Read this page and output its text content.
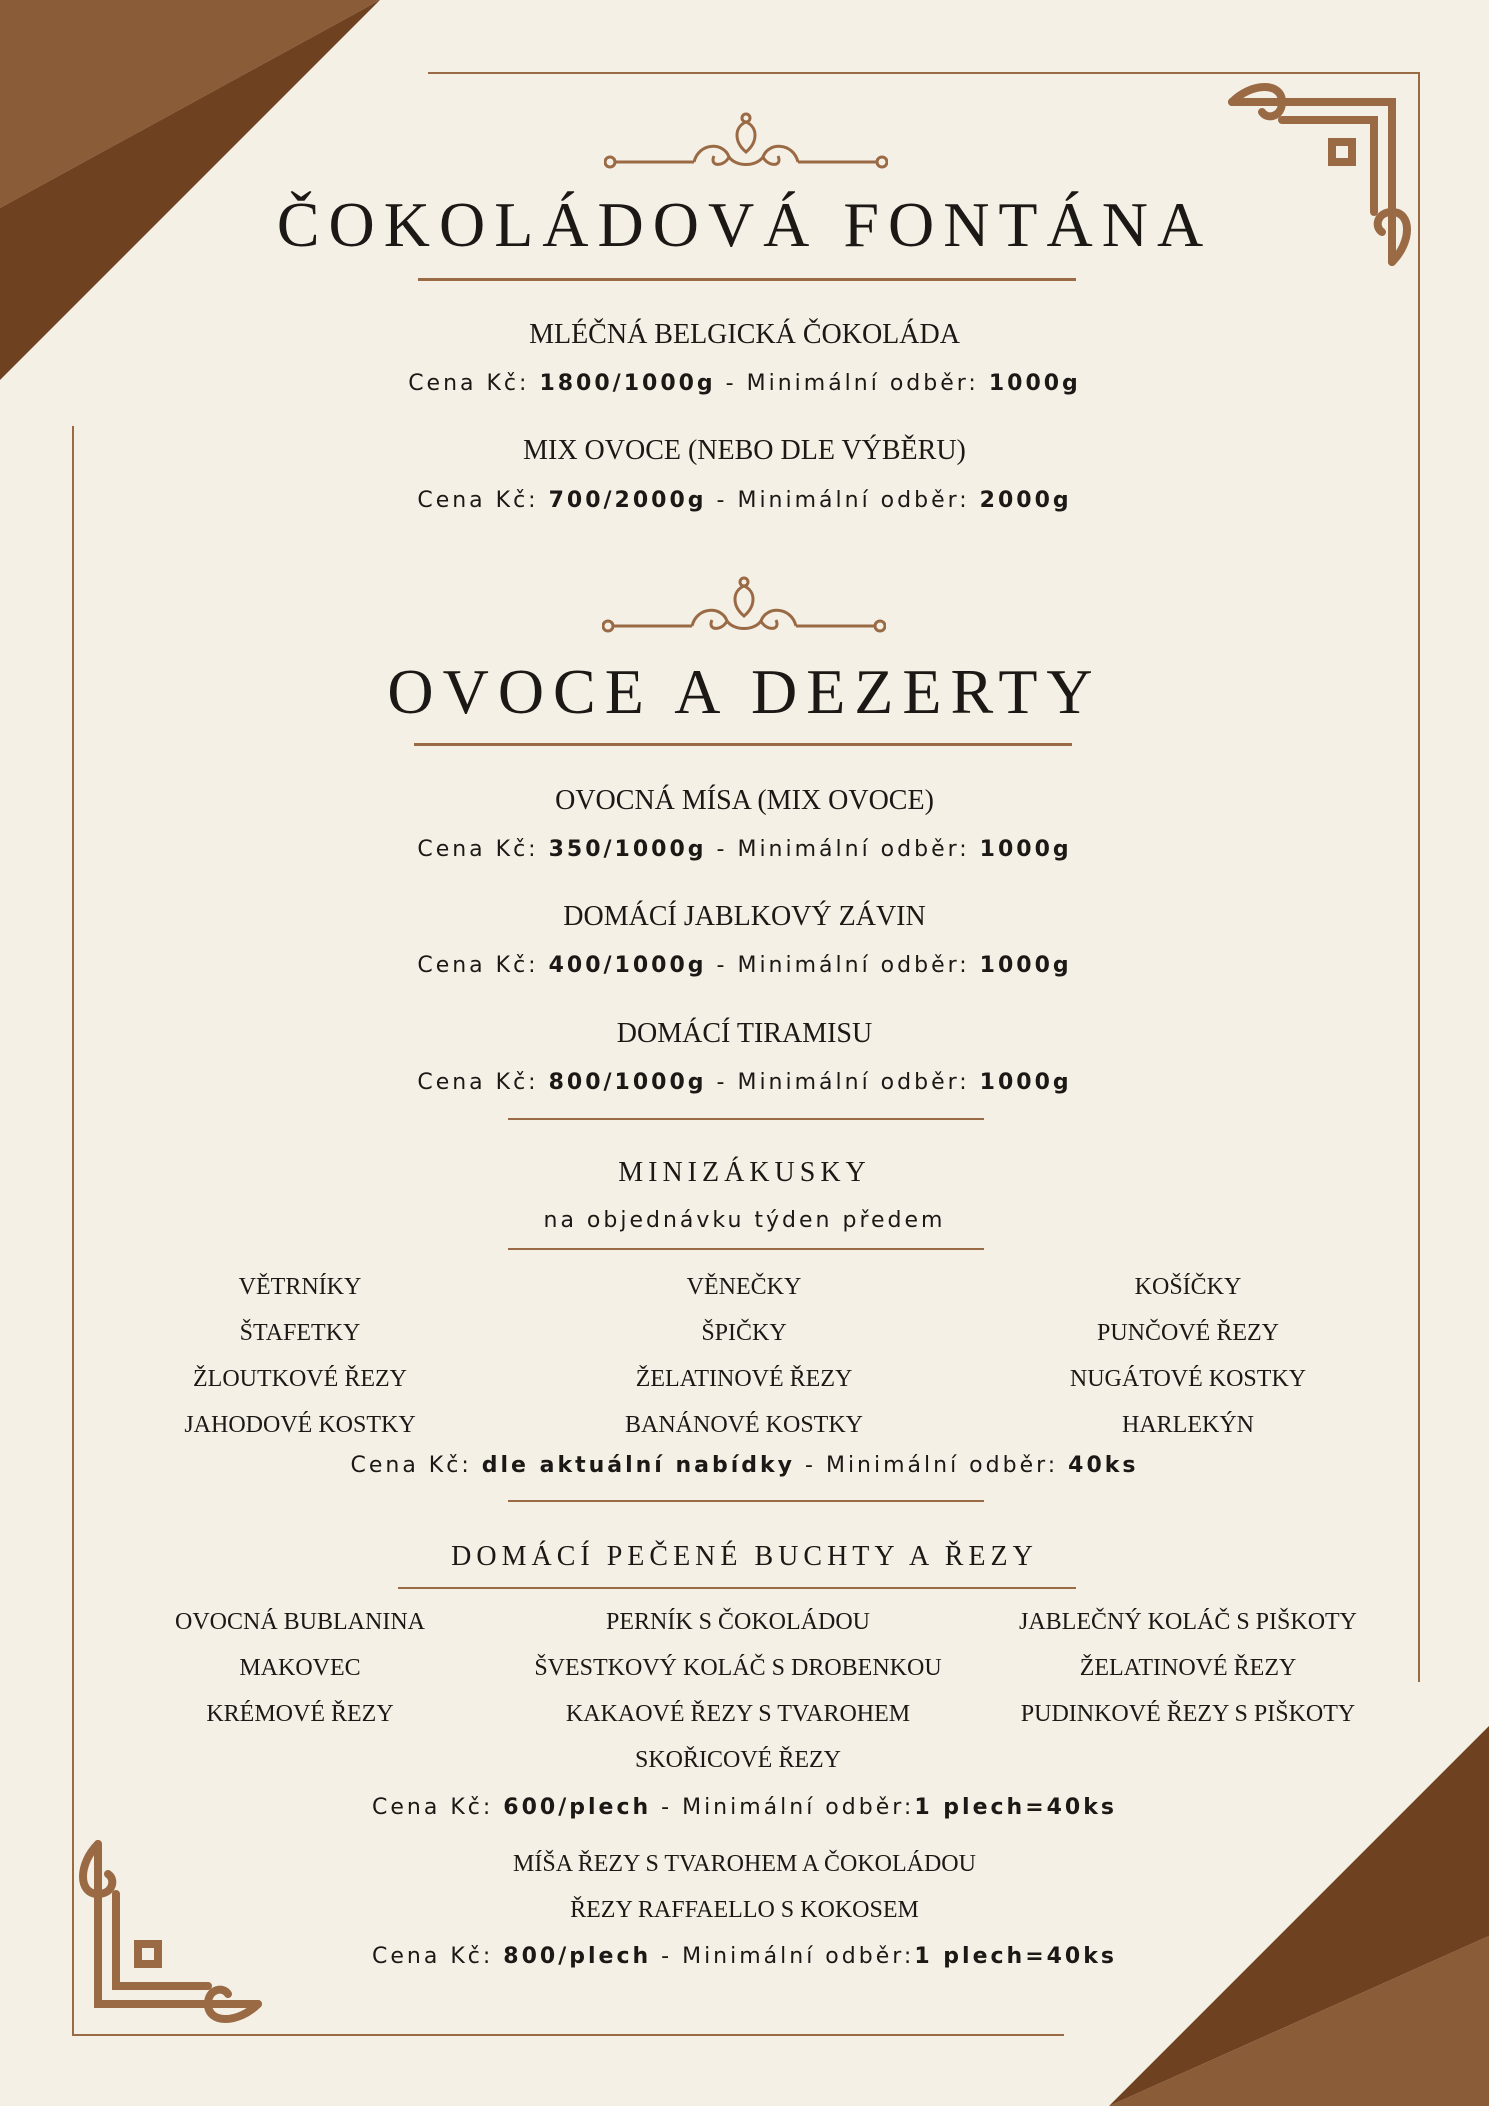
ČOKOLÁDOVÁ FONTÁNA
MLÉČNÁ BELGICKÁ ČOKOLÁDA
Cena Kč: 1800/1000g - Minimální odběr: 1000g
MIX OVOCE (NEBO DLE VÝBĚRU)
Cena Kč: 700/2000g - Minimální odběr: 2000g
OVOCE A DEZERTY
OVOCNÁ MÍSA (MIX OVOCE)
Cena Kč: 350/1000g - Minimální odběr: 1000g
DOMÁCÍ JABLKOVÝ ZÁVIN
Cena Kč: 400/1000g - Minimální odběr: 1000g
DOMÁCÍ TIRAMISU
Cena Kč: 800/1000g - Minimální odběr: 1000g
MINIZÁKUSKY
na objednávku týden předem
VĚTRNÍKY
ŠTAFETKY
ŽLOUTKOVÉ ŘEZY
JAHODOVÉ KOSTKY
VĚNEČKY
ŠPIČKY
ŽELATINOVÉ ŘEZY
BANÁNOVÉ KOSTKY
KOŠÍČKY
PUNČOVÉ ŘEZY
NUGÁTOVÉ KOSTKY
HARLEKÝN
Cena Kč: dle aktuální nabídky - Minimální odběr: 40ks
DOMÁCÍ PEČENÉ BUCHTY A ŘEZY
OVOCNÁ BUBLANINA
MAKOVEC
KRÉMOVÉ ŘEZY
PERNÍK S ČOKOLÁDOU
ŠVESTKOVÝ KOLÁČ S DROBENKOU
KAKAOVÉ ŘEZY S TVAROHEM
SKOŘICOVÉ ŘEZY
JABLEČNÝ KOLÁČ S PIŠKOTY
ŽELATINOVÉ ŘEZY
PUDINKOVÉ ŘEZY S PIŠKOTY
Cena Kč: 600/plech - Minimální odběr:1 plech=40ks
MÍŠA ŘEZY S TVAROHEM A ČOKOLÁDOU
ŘEZY RAFFAELLO S KOKOSEM
Cena Kč: 800/plech - Minimální odběr:1 plech=40ks
